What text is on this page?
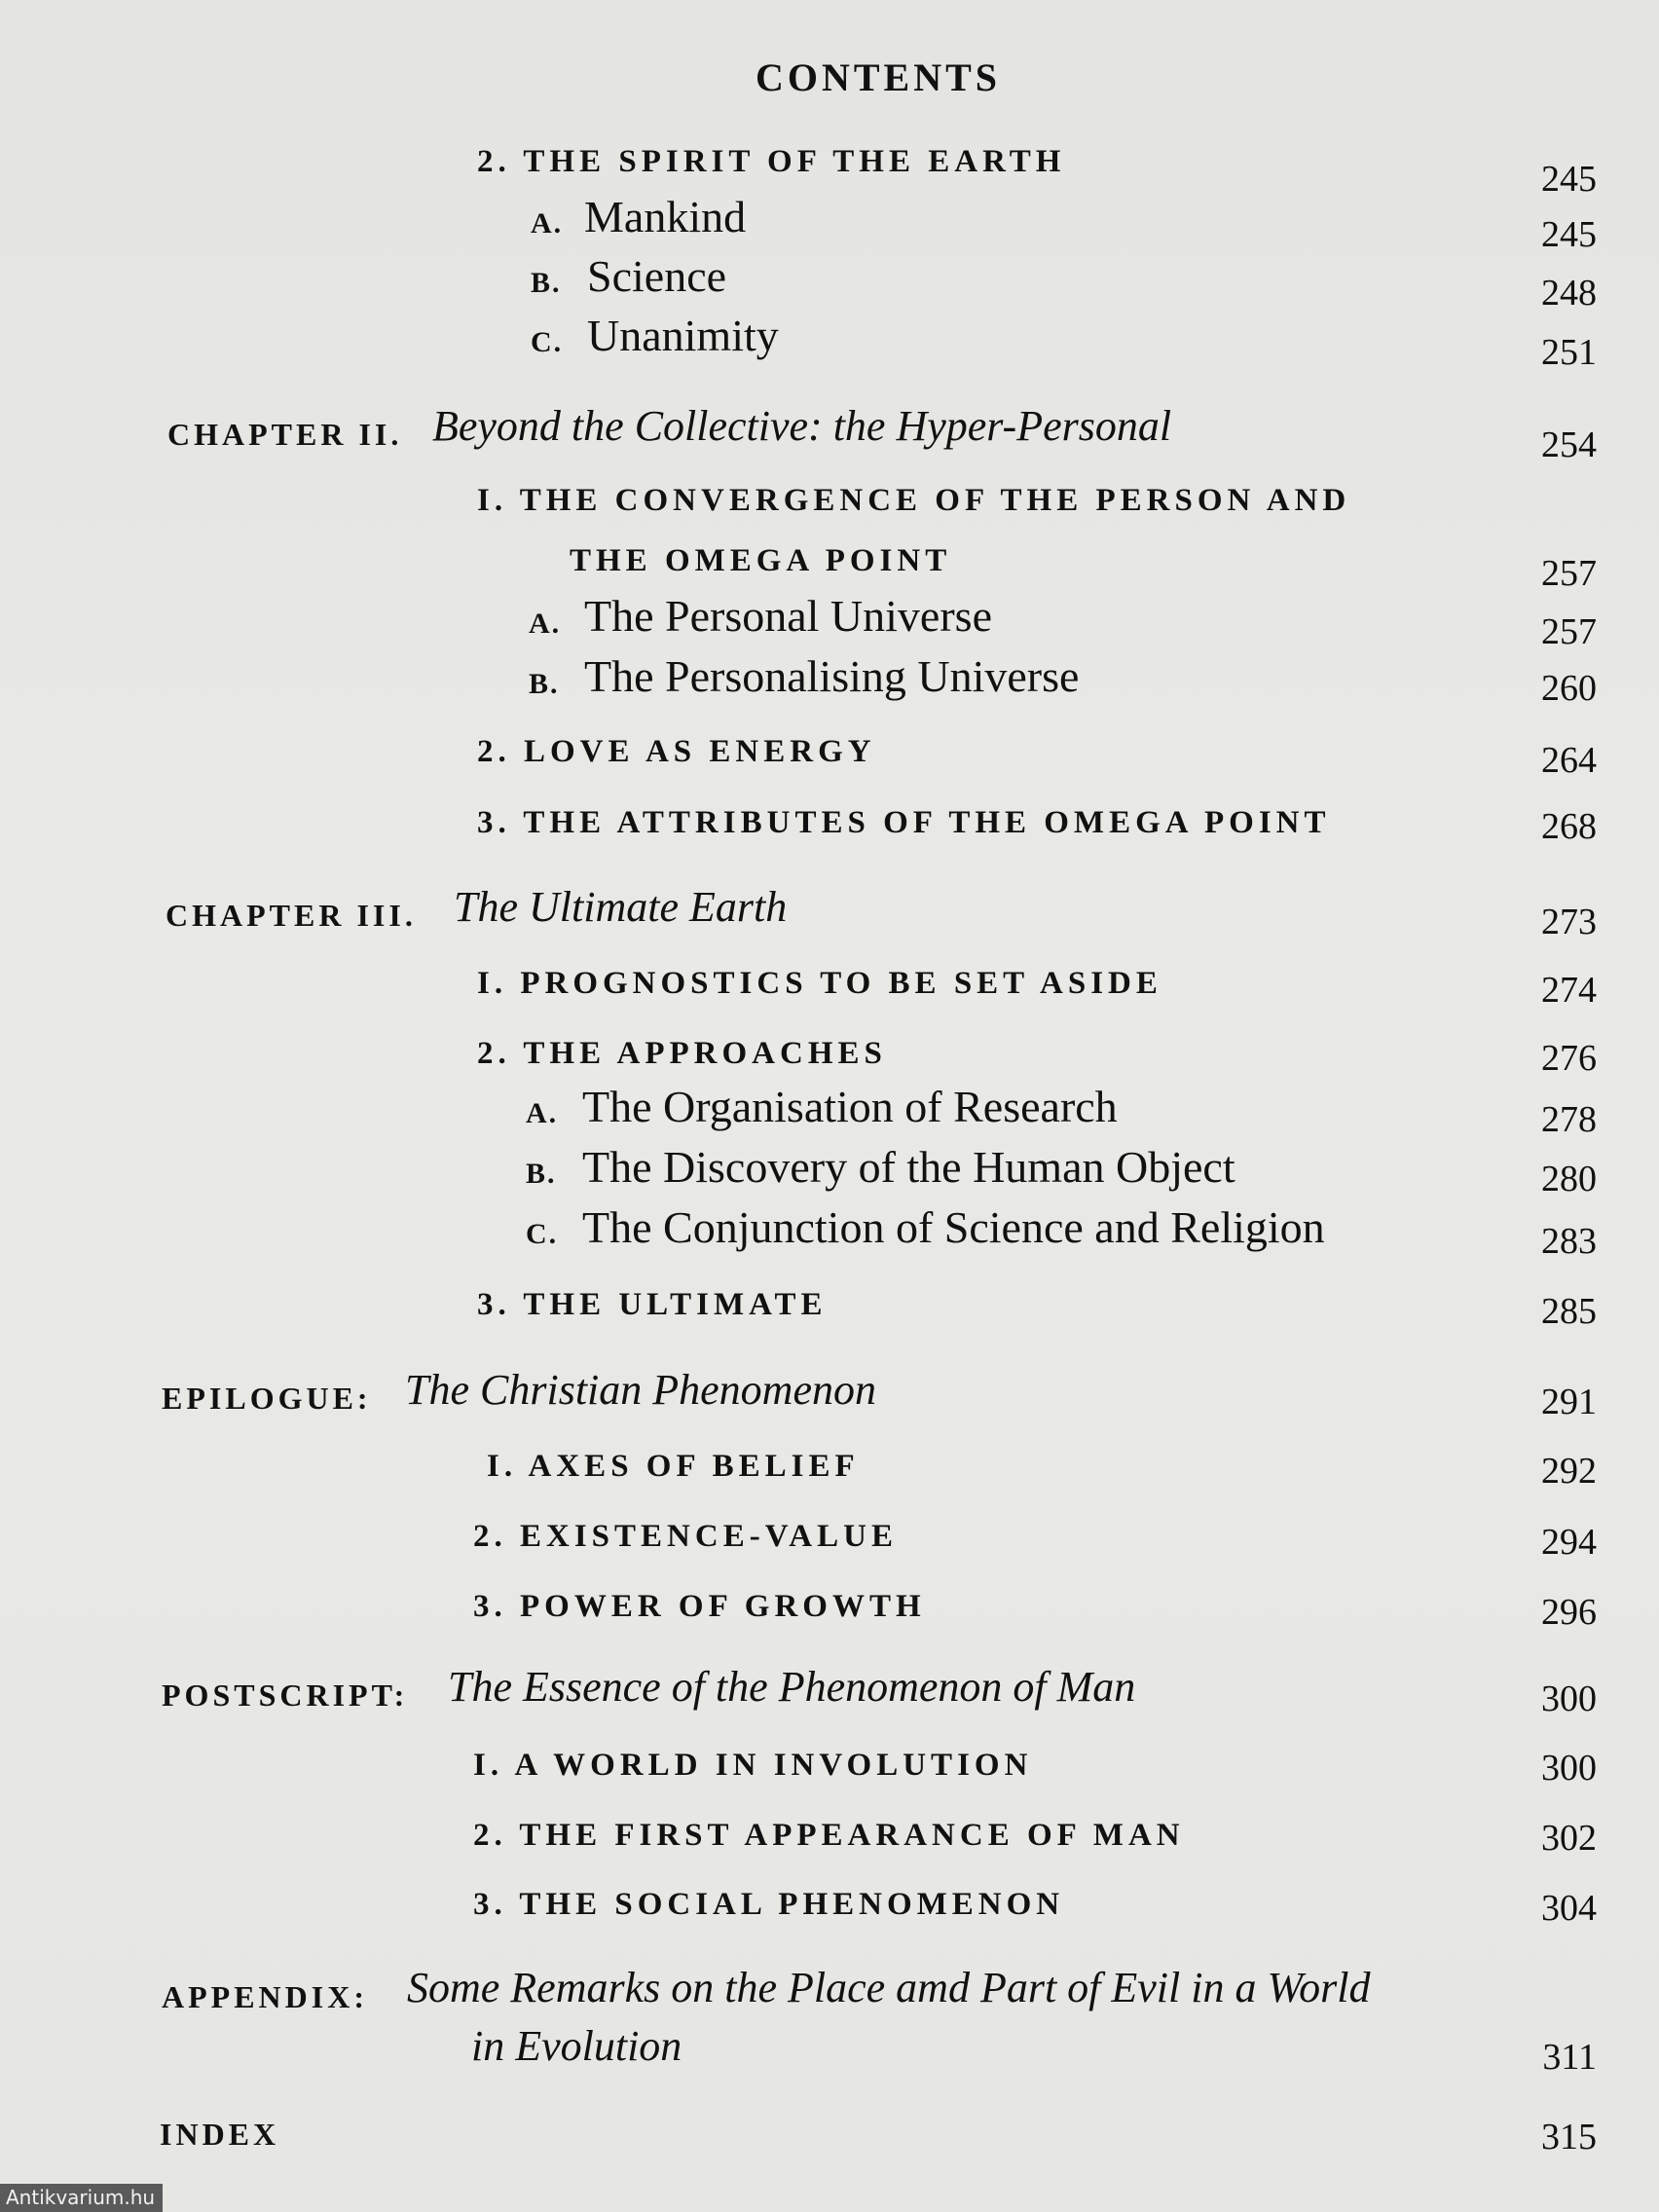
CONTENTS
2. THE SPIRIT OF THE EARTH	245
A. Mankind	245
B. Science	248
C. Unanimity	251
CHAPTER II. Beyond the Collective: the Hyper-Personal	254
I. THE CONVERGENCE OF THE PERSON AND
THE OMEGA POINT	257
A. The Personal Universe	257
B. The Personalising Universe	260
2. LOVE AS ENERGY	264
3. THE ATTRIBUTES OF THE OMEGA POINT	268
CHAPTER III. The Ultimate Earth	273
I. PROGNOSTICS TO BE SET ASIDE	274
2. THE APPROACHES	276
A. The Organisation of Research	278
B. The Discovery of the Human Object	280
C. The Conjunction of Science and Religion	283
3. THE ULTIMATE	285
EPILOGUE: The Christian Phenomenon	291
I. AXES OF BELIEF	292
2. EXISTENCE-VALUE	294
3. POWER OF GROWTH	296
POSTSCRIPT: The Essence of the Phenomenon of Man	300
I. A WORLD IN INVOLUTION	300
2. THE FIRST APPEARANCE OF MAN	302
3. THE SOCIAL PHENOMENON	304
APPENDIX: Some Remarks on the Place amd Part of Evil in a World
in Evolution	311
INDEX	315
Antikvarium.hu
